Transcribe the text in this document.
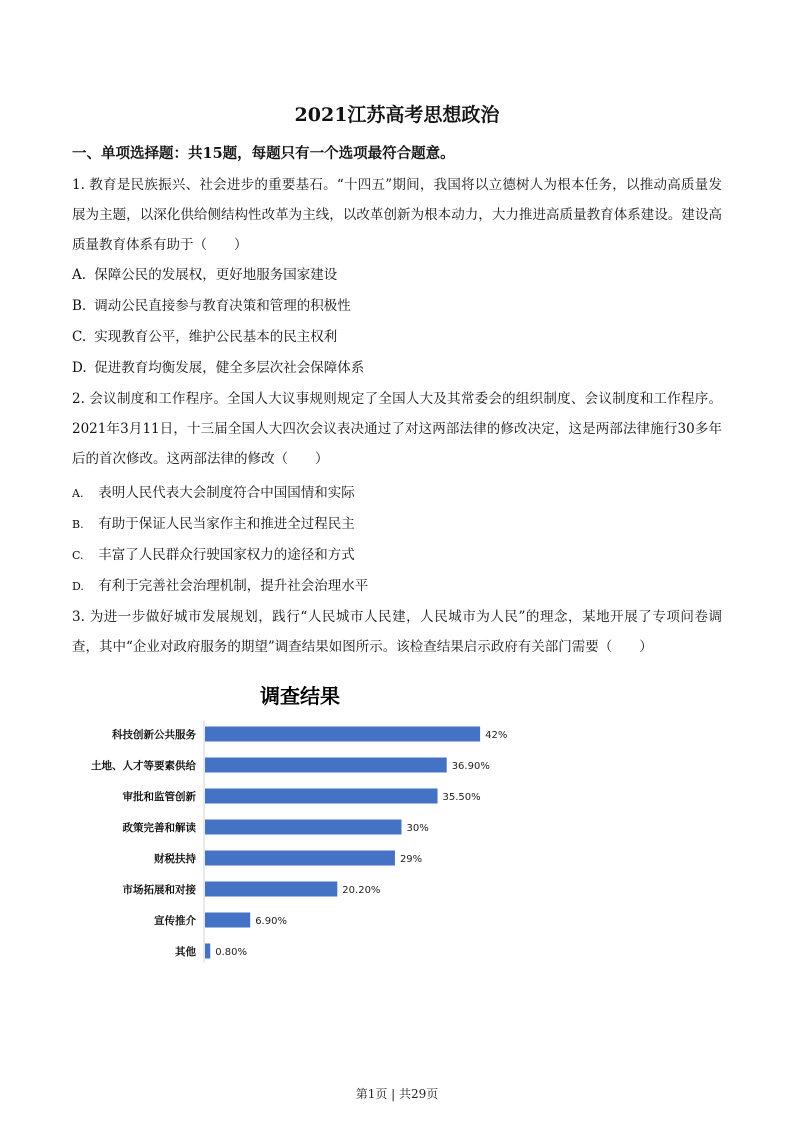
2021江苏高考思想政治
一、单项选择题：共15题，每题只有一个选项最符合题意。
1. 教育是民族振兴、社会进步的重要基石。“十四五”期间，我国将以立德树人为根本任务，以推动高质量发展为主题，以深化供给侧结构性改革为主线，以改革创新为根本动力，大力推进高质量教育体系建设。建设高质量教育体系有助于（　　）
A. 保障公民的发展权，更好地服务国家建设
B. 调动公民直接参与教育决策和管理的积极性
C. 实现教育公平，维护公民基本的民主权利
D. 促进教育均衡发展，健全多层次社会保障体系
2. 会议制度和工作程序。全国人大议事规则规定了全国人大及其常委会的组织制度、会议制度和工作程序。2021年3月11日，十三届全国人大四次会议表决通过了对这两部法律的修改决定，这是两部法律施行30多年后的首次修改。这两部法律的修改（　　）
A. 表明人民代表大会制度符合中国国情和实际
B. 有助于保证人民当家作主和推进全过程民主
C. 丰富了人民群众行驶国家权力的途径和方式
D. 有利于完善社会治理机制，提升社会治理水平
3. 为进一步做好城市发展规划，践行“人民城市人民建，人民城市为人民”的理念，某地开展了专项问卷调查，其中“企业对政府服务的期望”调查结果如图所示。该检查结果启示政府有关部门需要（　　）
调查结果
科技创新公共服务	42%
土地、人才等要素供给	36.90%
审批和监管创新	35.50%
政策完善和解读	30%
财税扶持	29%
市场拓展和对接	20.20%
宣传推介	6.90%
其他 0.80%
第1页 | 共29页
